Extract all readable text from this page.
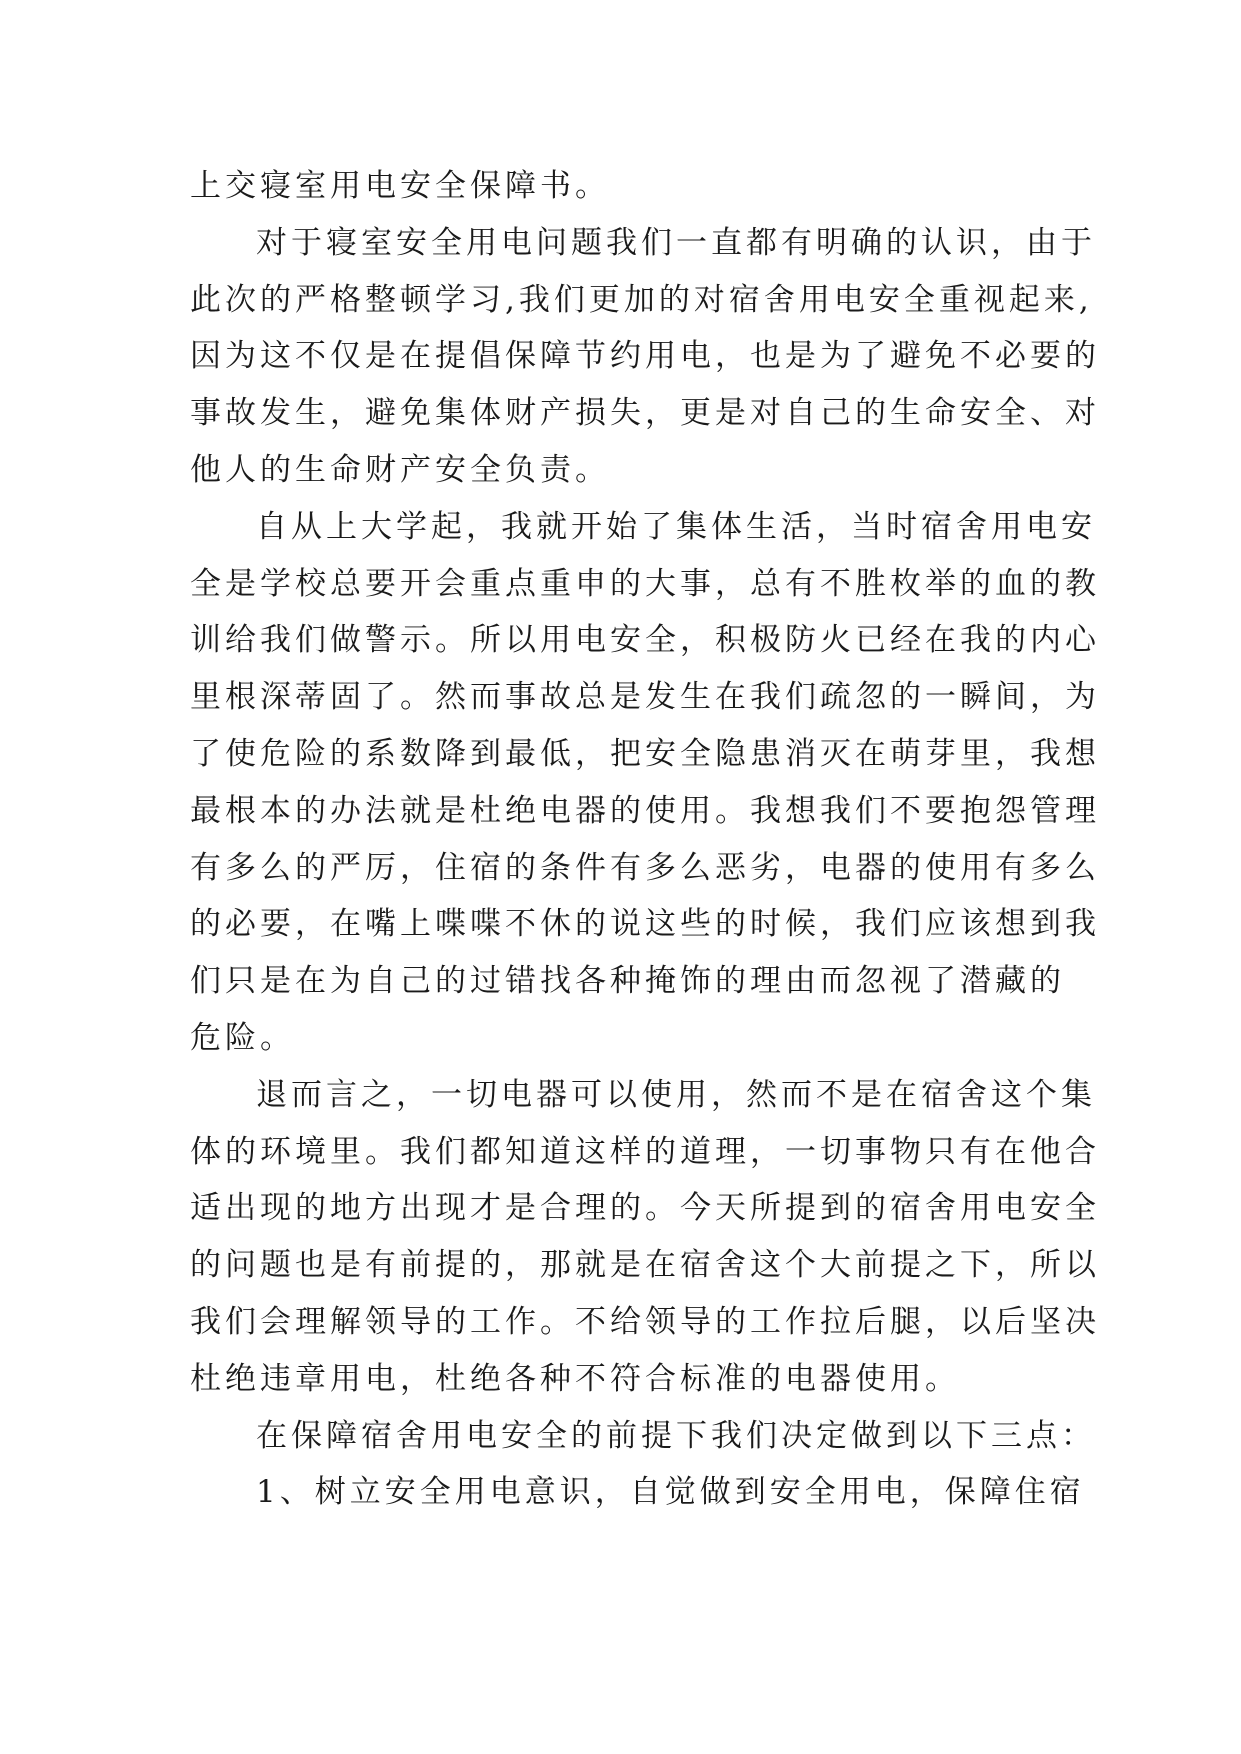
上交寝室用电安全保障书。
对于寝室安全用电问题我们一直都有明确的认识，由于
此次的严格整顿学习,我们更加的对宿舍用电安全重视起来,
因为这不仅是在提倡保障节约用电，也是为了避免不必要的
事故发生，避免集体财产损失，更是对自己的生命安全、对
他人的生命财产安全负责。
自从上大学起，我就开始了集体生活，当时宿舍用电安
全是学校总要开会重点重申的大事，总有不胜枚举的血的教
训给我们做警示。所以用电安全，积极防火已经在我的内心
里根深蒂固了。然而事故总是发生在我们疏忽的一瞬间，为
了使危险的系数降到最低，把安全隐患消灭在萌芽里，我想
最根本的办法就是杜绝电器的使用。我想我们不要抱怨管理
有多么的严厉，住宿的条件有多么恶劣，电器的使用有多么
的必要，在嘴上喋喋不休的说这些的时候，我们应该想到我
们只是在为自己的过错找各种掩饰的理由而忽视了潜藏的
危险。
退而言之，一切电器可以使用，然而不是在宿舍这个集
体的环境里。我们都知道这样的道理，一切事物只有在他合
适出现的地方出现才是合理的。今天所提到的宿舍用电安全
的问题也是有前提的，那就是在宿舍这个大前提之下，所以
我们会理解领导的工作。不给领导的工作拉后腿，以后坚决
杜绝违章用电，杜绝各种不符合标准的电器使用。
在保障宿舍用电安全的前提下我们决定做到以下三点：
1、树立安全用电意识，自觉做到安全用电，保障住宿
